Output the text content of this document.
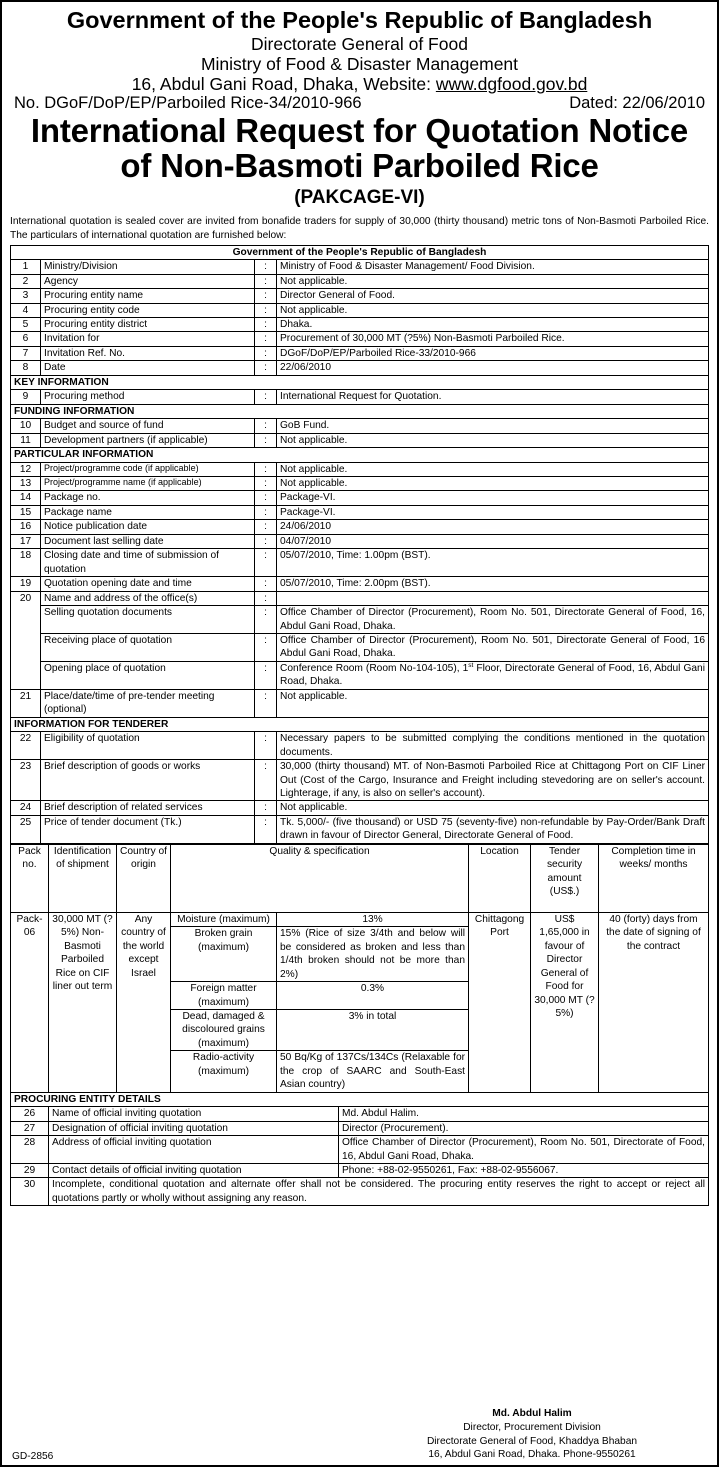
Government of the People's Republic of Bangladesh
Directorate General of Food
Ministry of Food & Disaster Management
16, Abdul Gani Road, Dhaka, Website: www.dgfood.gov.bd
No. DGoF/DoP/EP/Parboiled Rice-34/2010-966	Dated: 22/06/2010
International Request for Quotation Notice
of Non-Basmoti Parboiled Rice
(PAKCAGE-VI)

International quotation is sealed cover are invited from bonafide traders for supply of 30,000 (thirty thousand) metric tons of Non-Basmoti Parboiled Rice. The particulars of international quotation are furnished below:

Government of the People's Republic of Bangladesh			
1	Ministry/Division	:	Ministry of Food & Disaster Management/ Food Division.
2	Agency	:	Not applicable.
3	Procuring entity name	:	Director General of Food.
4	Procuring entity code	:	Not applicable.
5	Procuring entity district	:	Dhaka.
6	Invitation for	:	Procurement of 30,000 MT (?5%) Non-Basmoti Parboiled Rice.
7	Invitation Ref. No.	:	DGoF/DoP/EP/Parboiled Rice-33/2010-966
8	Date	:	22/06/2010
KEY INFORMATION			
9	Procuring method	:	International Request for Quotation.
FUNDING INFORMATION			
10	Budget and source of fund	:	GoB Fund.
11	Development partners (if applicable)	:	Not applicable.
PARTICULAR INFORMATION			
12	Project/programme code (if applicable)	:	Not applicable.
13	Project/programme name (if applicable)	:	Not applicable.
14	Package no.	:	Package-VI.
15	Package name	:	Package-VI.
16	Notice publication date	:	24/06/2010
17	Document last selling date	:	04/07/2010
18	Closing date and time of submission of quotation	:	05/07/2010, Time: 1.00pm (BST).
19	Quotation opening date and time	:	05/07/2010, Time: 2.00pm (BST).
20	Name and address of the office(s)	:	
	Selling quotation documents	:	Office Chamber of Director (Procurement), Room No. 501, Directorate General of Food, 16, Abdul Gani Road, Dhaka.
	Receiving place of quotation	:	Office Chamber of Director (Procurement), Room No. 501, Directorate General of Food, 16 Abdul Gani Road, Dhaka.
	Opening place of quotation	:	Conference Room (Room No-104-105), 1st Floor, Directorate General of Food, 16, Abdul Gani Road, Dhaka.
21	Place/date/time of pre-tender meeting (optional)	:	Not applicable.
INFORMATION FOR TENDERER			
22	Eligibility of quotation	:	Necessary papers to be submitted complying the conditions mentioned in the quotation documents.
23	Brief description of goods or works	:	30,000 (thirty thousand) MT. of Non-Basmoti Parboiled Rice at Chittagong Port on CIF Liner Out (Cost of the Cargo, Insurance and Freight including stevedoring are on seller's account. Lighterage, if any, is also on seller's account).
24	Brief description of related services	:	Not applicable.
25	Price of tender document (Tk.)	:	Tk. 5,000/- (five thousand) or USD 75 (seventy-five) non-refundable by Pay-Order/Bank Draft drawn in favour of Director General, Directorate General of Food.
Pack no.	Identification of shipment	Country of origin	Quality & specification		Location	Tender security amount (US$.)	Completion time in weeks/ months
Pack-06	30,000 MT (?5%) Non-Basmoti Parboiled Rice on CIF liner out term	Any country of the world except Israel	Moisture (maximum)	13%	Chittagong Port	US$ 1,65,000 in favour of Director General of Food for 30,000 MT (?5%)	40 (forty) days from the date of signing of the contract
			Broken grain (maximum)	15% (Rice of size 3/4th and below will be considered as broken and less than 1/4th broken should not be more than 2%)			
			Foreign matter (maximum)	0.3%			
			Dead, damaged & discoloured grains (maximum)	3% in total			
			Radio-activity (maximum)	50 Bq/Kg of 137Cs/134Cs (Relaxable for the crop of SAARC and South-East Asian country)			
PROCURING ENTITY DETAILS		
26	Name of official inviting quotation	Md. Abdul Halim.
27	Designation of official inviting quotation	Director (Procurement).
28	Address of official inviting quotation	Office Chamber of Director (Procurement), Room No. 501, Directorate of Food, 16, Abdul Gani Road, Dhaka.
29	Contact details of official inviting quotation	Phone: +88-02-9550261, Fax: +88-02-9556067.
30	Incomplete, conditional quotation and alternate offer shall not be considered. The procuring entity reserves the right to accept or reject all quotations partly or wholly without assigning any reason.	
Md. Abdul Halim
Director, Procurement Division
Directorate General of Food, Khaddya Bhaban
16, Abdul Gani Road, Dhaka. Phone-9550261
GD-2856
